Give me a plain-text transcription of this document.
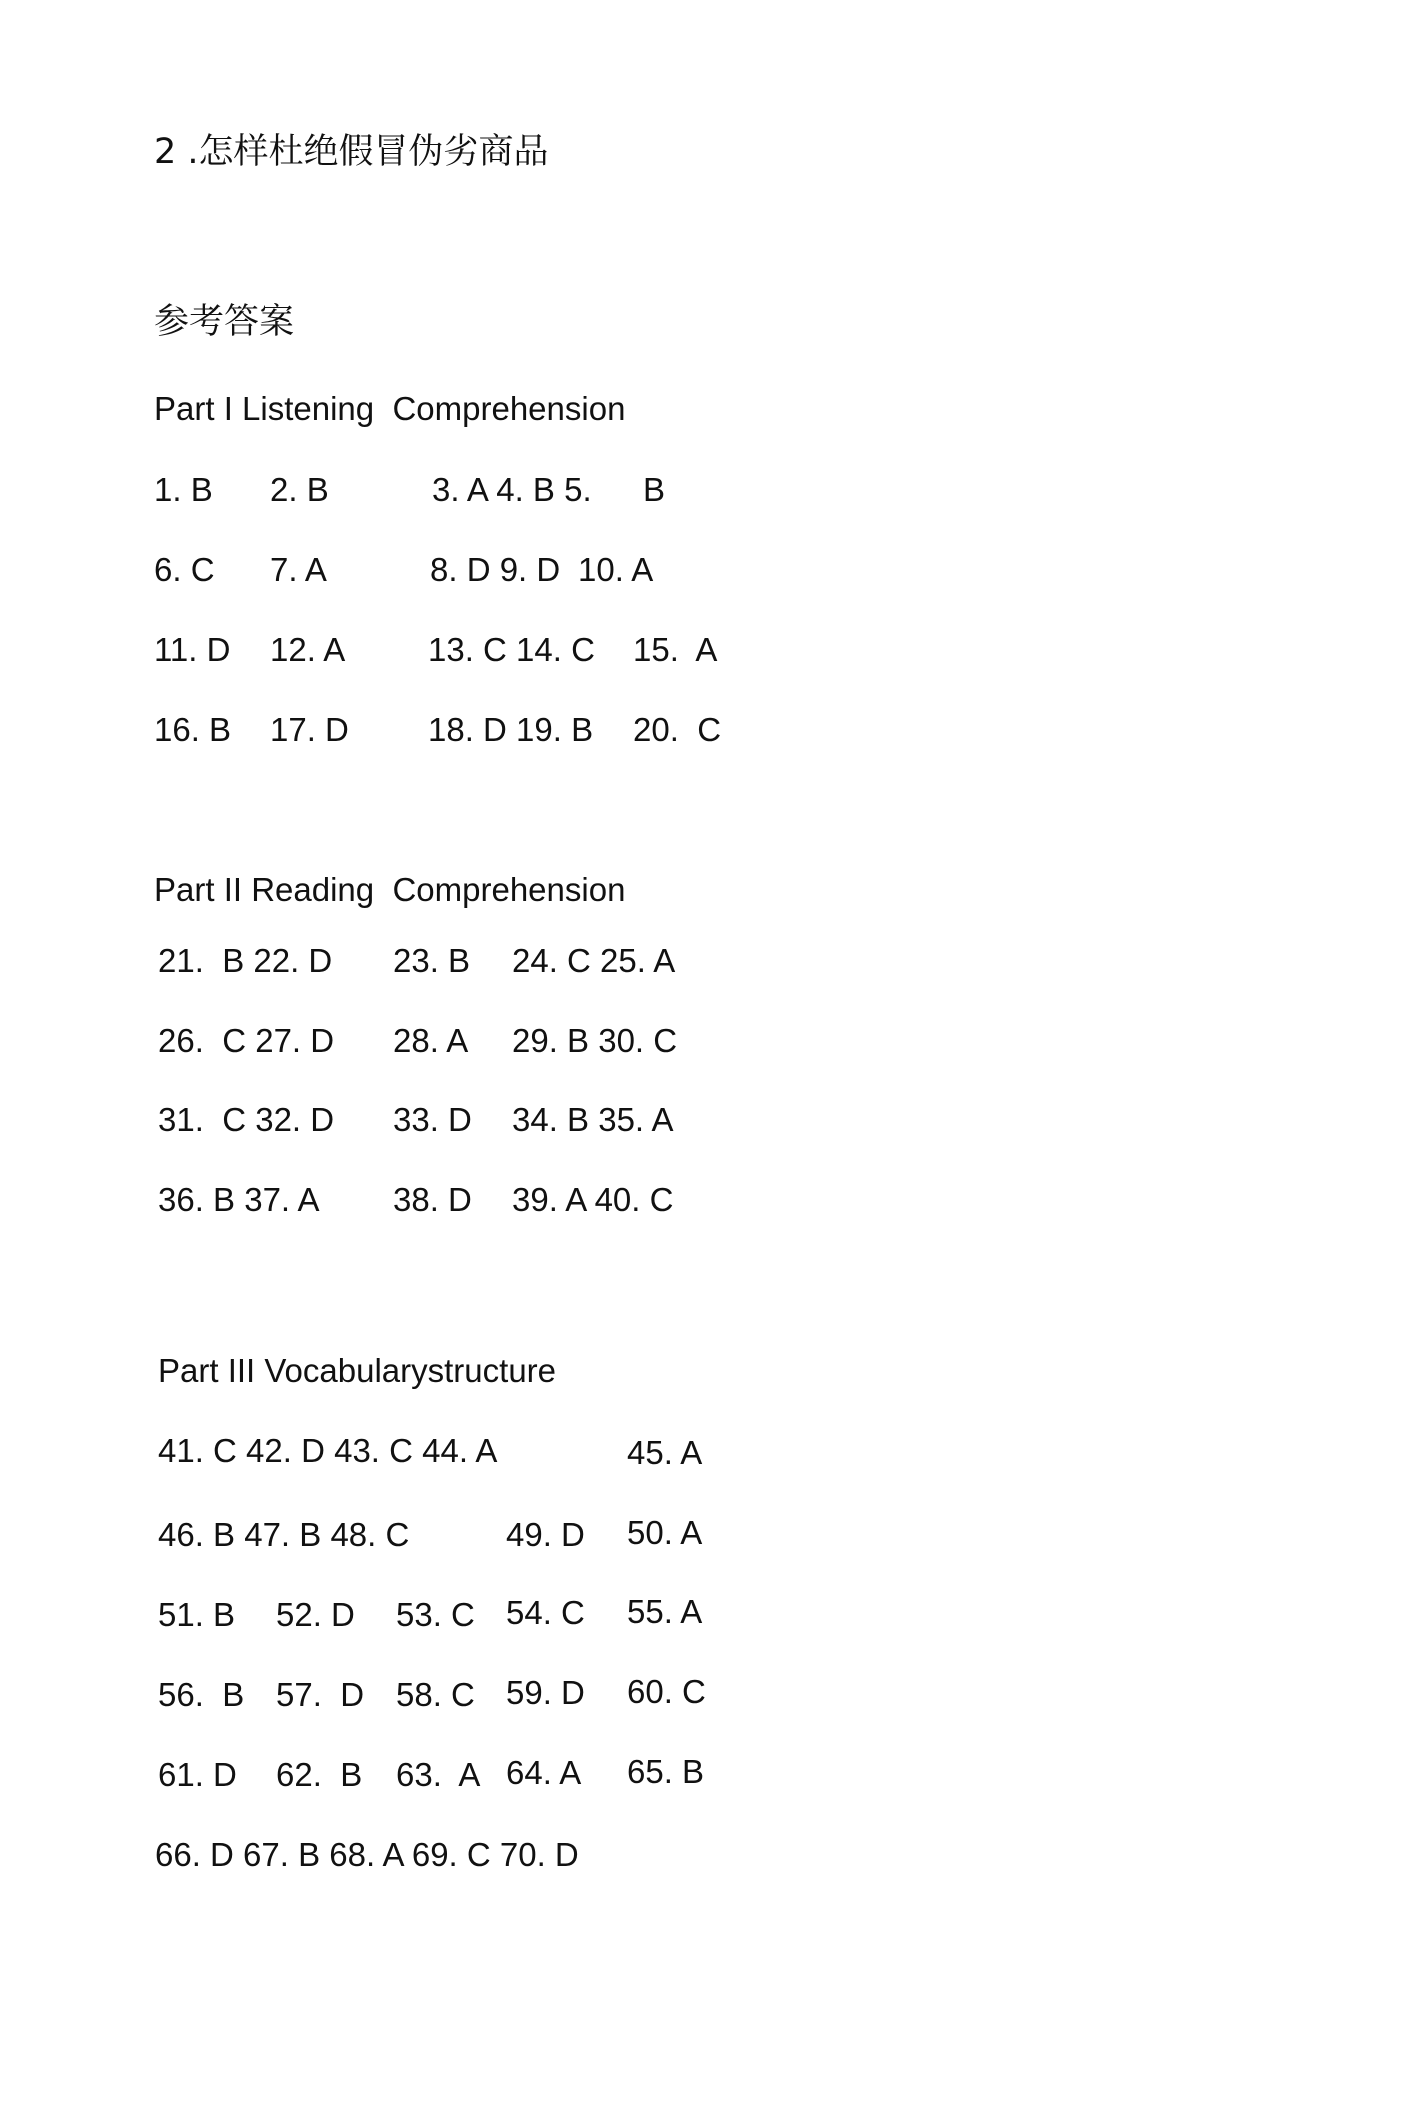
2 .怎样杜绝假冒伪劣商品
参考答案
Part I Listening  Comprehension
1. B 2. B	3. A 4. B 5. B
6. C 7. A	8. D 9. D 10. A
11. D 12. A	13. C 14. C 15.  A
16. B 17. D 18. D 19. B 20.  C
Part II Reading  Comprehension
21.  B 22. D 23. B 24. C 25. A
26.  C 27. D 28. A 29. B 30. C
31.  C 32. D 33. D 34. B 35. A
36. B 37. A 38. D 39. A 40. C
Part III Vocabularystructure
41. C 42. D 43. C 44. A	45. A
46. B 47. B 48. C	49. D 50. A
51. B 52. D 53. C 54. C 55. A
56.  B 57.  D 58. C 59. D 60. C
61. D 62.  B 63.  A 64. A 65. B
66. D 67. B 68. A 69. C 70. D
